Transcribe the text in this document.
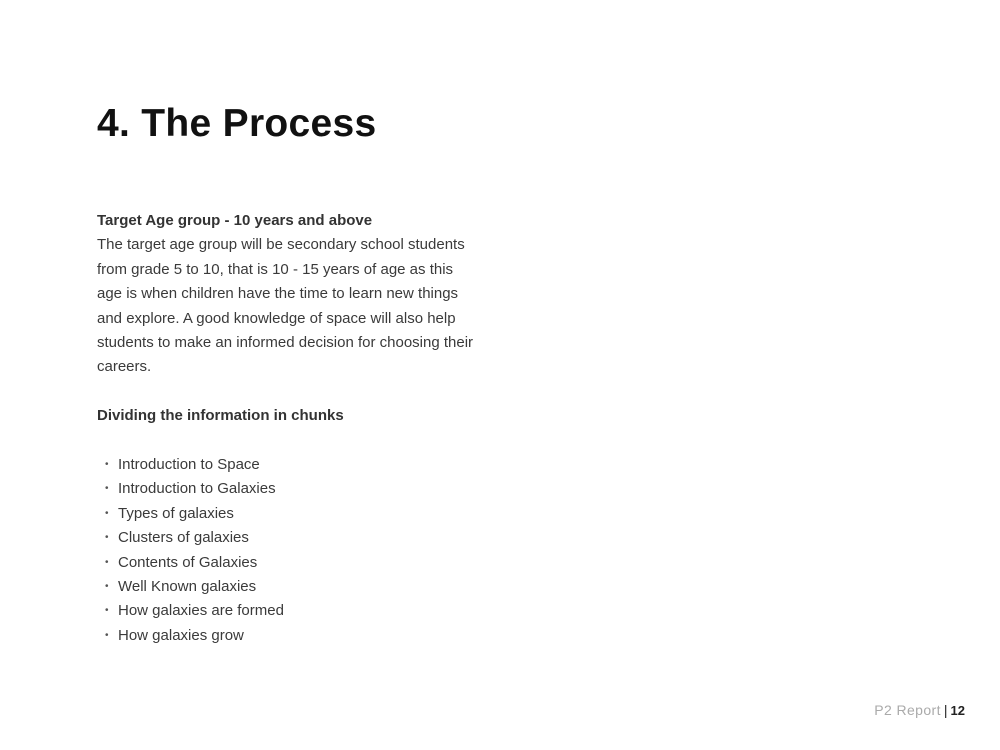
4. The Process
Target Age group - 10 years and above

The target age group will be secondary school students from grade 5 to 10, that is 10 - 15 years of age as this age is when children have the time to learn new things and explore. A good knowledge of space will also help students to make an informed decision for choosing their careers.

Dividing the information in chunks
• Introduction to Space
• Introduction to Galaxies
• Types of galaxies
• Clusters of galaxies
• Contents of Galaxies
• Well Known galaxies
• How galaxies are formed
• How galaxies grow
P2 Report | 12
